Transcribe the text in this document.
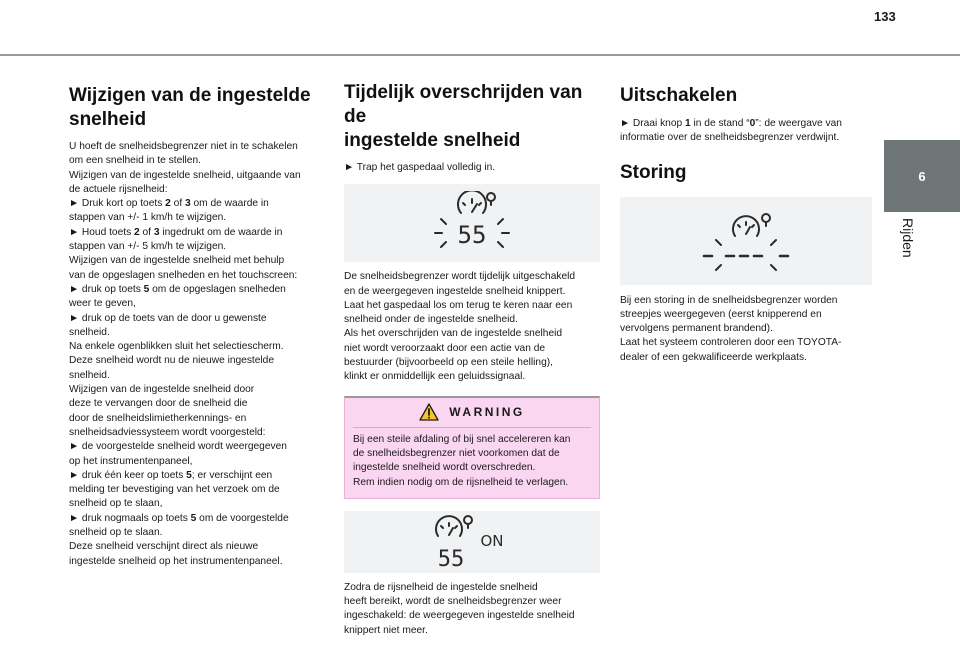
133
6
Rijden
Wijzigen van de ingestelde
snelheid
U hoeft de snelheidsbegrenzer niet in te schakelen
om een snelheid in te stellen.
Wijzigen van de ingestelde snelheid, uitgaande van
de actuele rijsnelheid:
► Druk kort op toets 2 of 3 om de waarde in
stappen van +/- 1 km/h te wijzigen.
► Houd toets 2 of 3 ingedrukt om de waarde in
stappen van +/- 5 km/h te wijzigen.
Wijzigen van de ingestelde snelheid met behulp
van de opgeslagen snelheden en het touchscreen:
► druk op toets 5 om de opgeslagen snelheden
weer te geven,
► druk op de toets van de door u gewenste
snelheid.
Na enkele ogenblikken sluit het selectiescherm.
Deze snelheid wordt nu de nieuwe ingestelde
snelheid.
Wijzigen van de ingestelde snelheid door
deze te vervangen door de snelheid die
door de snelheidslimietherkennings- en
snelheidsadviessysteem wordt voorgesteld:
► de voorgestelde snelheid wordt weergegeven
op het instrumentenpaneel,
► druk één keer op toets 5; er verschijnt een
melding ter bevestiging van het verzoek om de
snelheid op te slaan,
► druk nogmaals op toets 5 om de voorgestelde
snelheid op te slaan.
Deze snelheid verschijnt direct als nieuwe
ingestelde snelheid op het instrumentenpaneel.
Tijdelijk overschrijden van de
ingestelde snelheid
► Trap het gaspedaal volledig in.
55
De snelheidsbegrenzer wordt tijdelijk uitgeschakeld
en de weergegeven ingestelde snelheid knippert.
Laat het gaspedaal los om terug te keren naar een
snelheid onder de ingestelde snelheid.
Als het overschrijden van de ingestelde snelheid
niet wordt veroorzaakt door een actie van de
bestuurder (bijvoorbeeld op een steile helling),
klinkt er onmiddellijk een geluidssignaal.
WARNING
Bij een steile afdaling of bij snel accelereren kan
de snelheidsbegrenzer niet voorkomen dat de
ingestelde snelheid wordt overschreden.
Rem indien nodig om de rijsnelheid te verlagen.
55
ON
Zodra de rijsnelheid de ingestelde snelheid
heeft bereikt, wordt de snelheidsbegrenzer weer
ingeschakeld: de weergegeven ingestelde snelheid
knippert niet meer.
Uitschakelen
► Draai knop 1 in de stand “0”: de weergave van
informatie over de snelheidsbegrenzer verdwijnt.
Storing
Bij een storing in de snelheidsbegrenzer worden
streepjes weergegeven (eerst knipperend en
vervolgens permanent brandend).
Laat het systeem controleren door een TOYOTA-
dealer of een gekwalificeerde werkplaats.
